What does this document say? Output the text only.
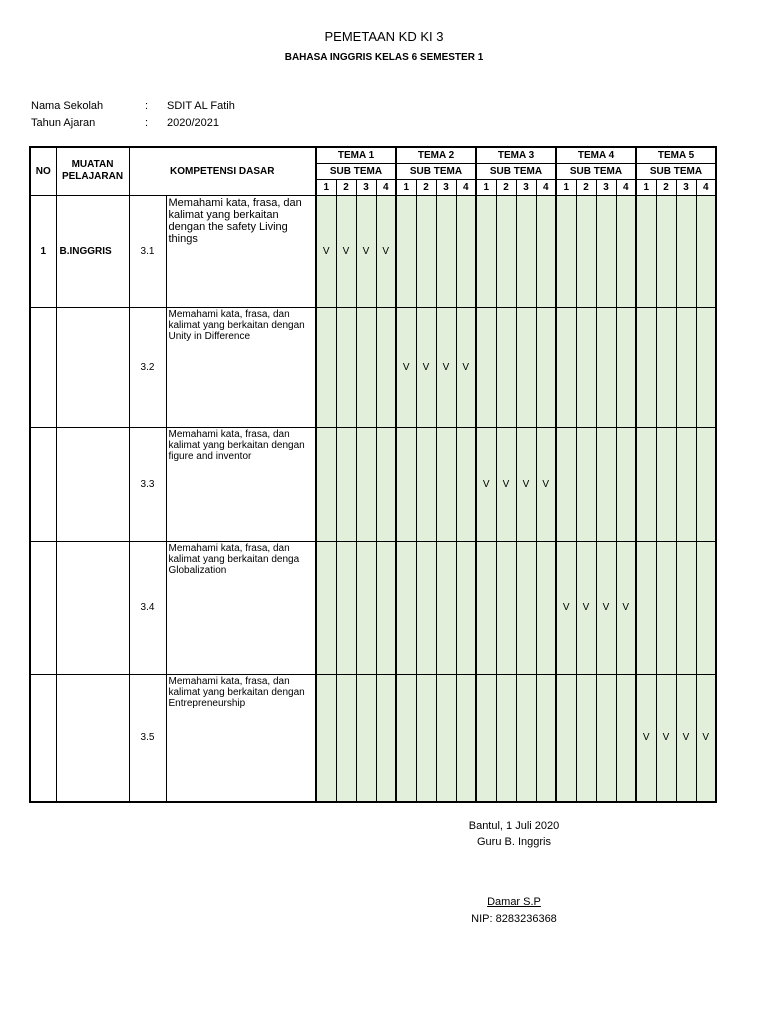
PEMETAAN KD KI 3
BAHASA INGGRIS KELAS 6 SEMESTER 1
Nama Sekolah	: SDIT AL Fatih
Tahun Ajaran	: 2020/2021
NO	MUATAN PELAJARAN	KOMPETENSI DASAR		TEMA 1				TEMA 2				TEMA 3				TEMA 4				TEMA 5			
				SUB TEMA				SUB TEMA				SUB TEMA				SUB TEMA				SUB TEMA			
				1	2	3	4	1	2	3	4	1	2	3	4	1	2	3	4	1	2	3	4
1	B.INGGRIS	3.1	Memahami kata, frasa, dan kalimat yang berkaitan dengan the safety Living things	V	V	V	V																
		3.2	Memahami kata, frasa, dan kalimat yang berkaitan dengan Unity in Difference					V	V	V	V												
		3.3	Memahami kata, frasa, dan kalimat yang berkaitan dengan figure and inventor									V	V	V	V								
		3.4	Memahami kata, frasa, dan kalimat yang berkaitan denga Globalization													V	V	V	V				
		3.5	Memahami kata, frasa, dan kalimat yang berkaitan dengan Entrepreneurship																	V	V	V	V
Bantul, 1 Juli 2020
Guru B. Inggris
Damar S.P
NIP: 8283236368
